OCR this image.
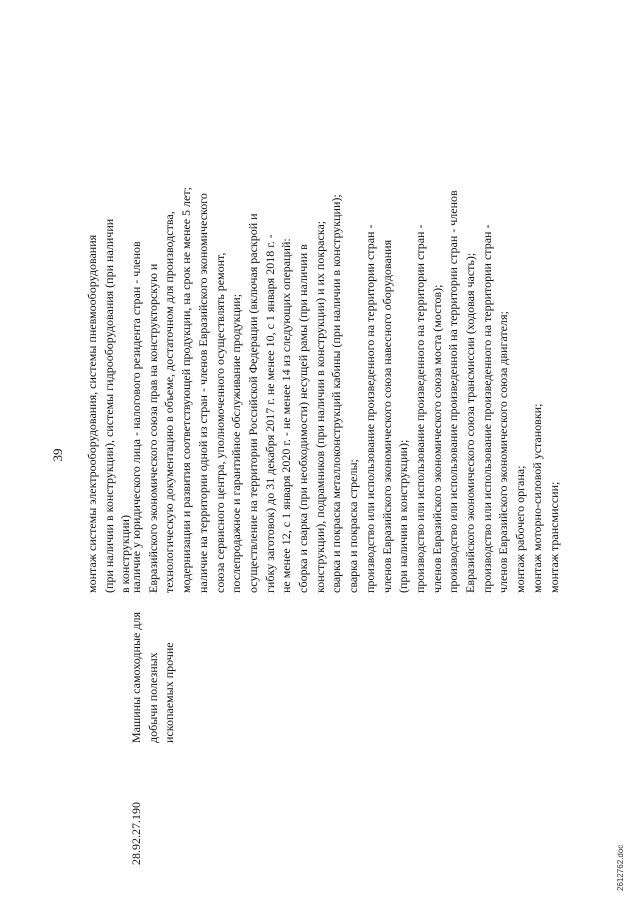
39 монтаж системы электрооборудования, системы пневмооборудования (при наличии в конструкции), системы гидрооборудования (при наличии в конструкции)
28.92.27.190
Машины самоходные для добычи полезных ископаемых прочие
наличие у юридического лица - налогового резидента стран - членов Евразийского экономического союза прав на конструкторскую и технологическую документацию в объеме, достаточном для производства, модернизации и развития соответствующей продукции, на срок не менее 5 лет; наличие на территории одной из стран - членов Евразийского экономического союза сервисного центра, уполномоченного осуществлять ремонт, послепродажное и гарантийное обслуживание продукции; осуществление на территории Российской Федерации (включая раскрой и гибку заготовок) до 31 декабря 2017 г. не менее 10, с 1 января 2018 г. - не менее 12, с 1 января 2020 г. - не менее 14 из следующих операций: сборка и сварка (при необходимости) несущей рамы (при наличии в конструкции), подрамников (при наличии в конструкции) и их покраска; сварка и покраска металлоконструкций кабины (при наличии в конструкции); сварка и покраска стрелы; производство или использование произведенного на территории стран - членов Евразийского экономического союза навесного оборудования (при наличии в конструкции); производство или использование произведенного на территории стран - членов Евразийского экономического союза моста (мостов); производство или использование произведенной на территории стран - членов Евразийского экономического союза трансмиссии (ходовая часть); производство или использование произведенного на территории стран - членов Евразийского экономического союза двигателя; монтаж рабочего органа; монтаж моторно-силовой установки; монтаж трансмиссии;
2612762.doc
